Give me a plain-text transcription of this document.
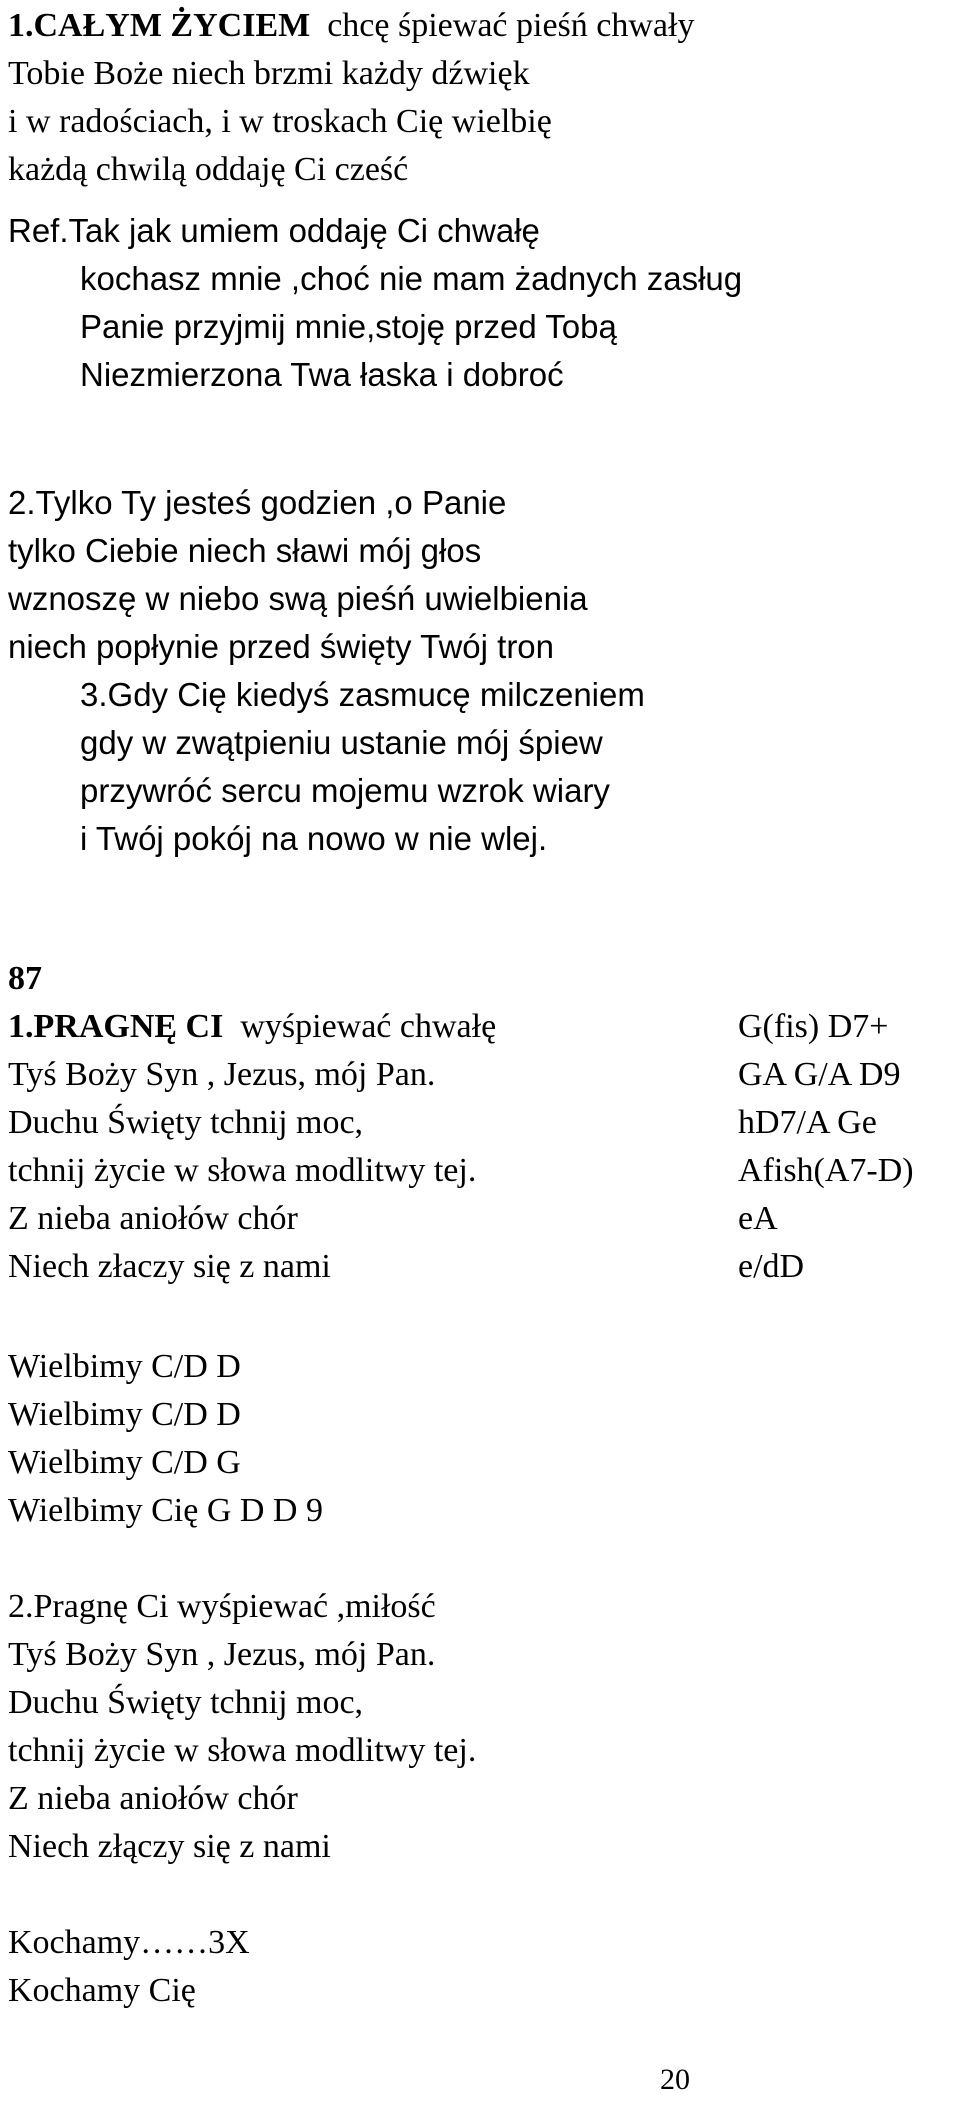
1.CAŁYM ŻYCIEM chcę śpiewać pieśń chwały
Tobie Boże niech brzmi każdy dźwięk
i w radościach, i w troskach Cię wielbię
każdą chwilą oddaję Ci cześć
Ref.Tak jak umiem oddaję Ci chwałę
kochasz mnie ,choć nie mam żadnych zasług
Panie przyjmij mnie,stoję przed Tobą
Niezmierzona Twa łaska i dobroć
2.Tylko Ty jesteś godzien ,o Panie
tylko Ciebie niech sławi mój głos
wznoszę w niebo swą pieśń uwielbienia
niech popłynie przed święty Twój tron
3.Gdy Cię kiedyś zasmucę milczeniem
gdy w zwątpieniu ustanie mój śpiew
przywróć sercu mojemu wzrok wiary
i Twój pokój na nowo w nie wlej.
87
1.PRAGNĘ CI wyśpiewać chwałę
Tyś Boży Syn , Jezus, mój Pan.
Duchu Święty tchnij moc,
tchnij życie w słowa modlitwy tej.
Z nieba aniołów chór
Niech złaczy się z nami
G(fis) D7+
GA G/A D9
hD7/A Ge
Afish(A7-D)
eA
e/dD
Wielbimy C/D D
Wielbimy C/D D
Wielbimy C/D G
Wielbimy Cię G D D 9
2.Pragnę Ci wyśpiewać ,miłość
Tyś Boży Syn , Jezus, mój Pan.
Duchu Święty tchnij moc,
tchnij życie w słowa modlitwy tej.
Z nieba aniołów chór
Niech złączy się z nami
Kochamy……3X
Kochamy Cię
20
